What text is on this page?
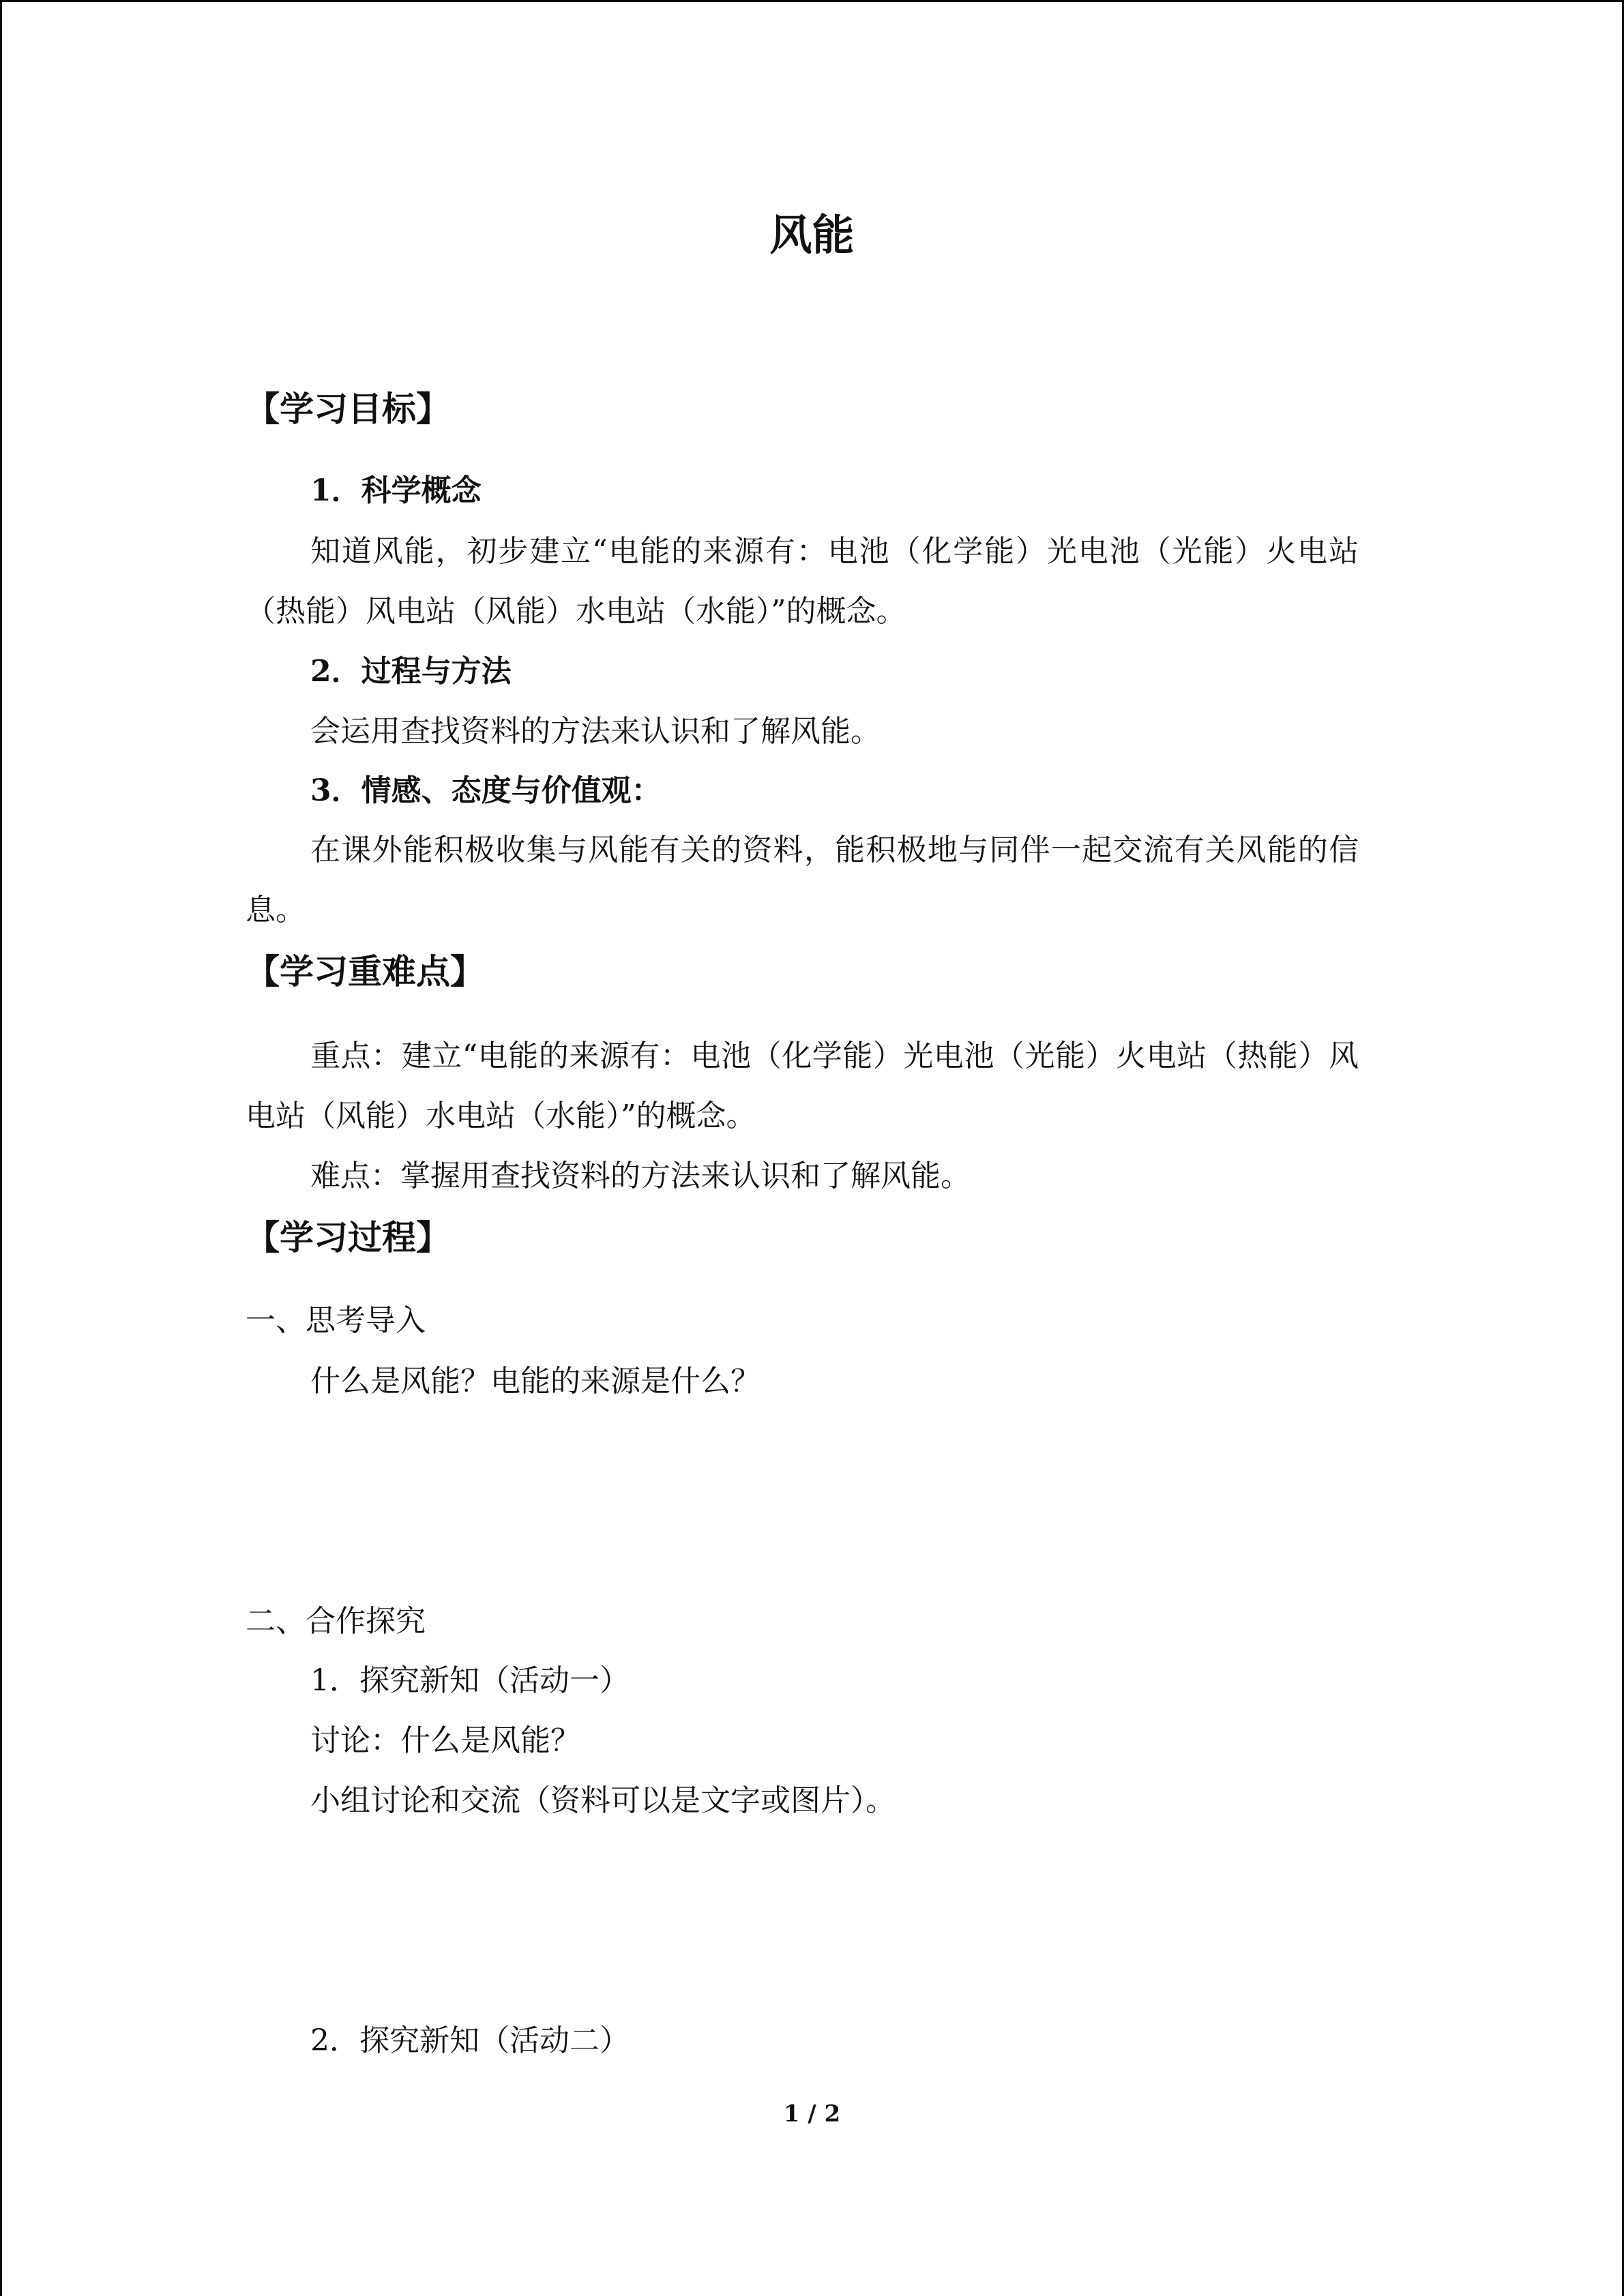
风能
【学习目标】
1．科学概念
知道风能，初步建立“电能的来源有：电池（化学能）光电池（光能）火电站（热能）风电站（风能）水电站（水能）”的概念。
2．过程与方法
会运用查找资料的方法来认识和了解风能。
3．情感、态度与价值观：
在课外能积极收集与风能有关的资料，能积极地与同伴一起交流有关风能的信息。
【学习重难点】
重点：建立“电能的来源有：电池（化学能）光电池（光能）火电站（热能）风电站（风能）水电站（水能）”的概念。
难点：掌握用查找资料的方法来认识和了解风能。
【学习过程】
一、思考导入
什么是风能？电能的来源是什么？
二、合作探究
1．探究新知（活动一）
讨论：什么是风能？
小组讨论和交流（资料可以是文字或图片）。
2．探究新知（活动二）
1 / 2
